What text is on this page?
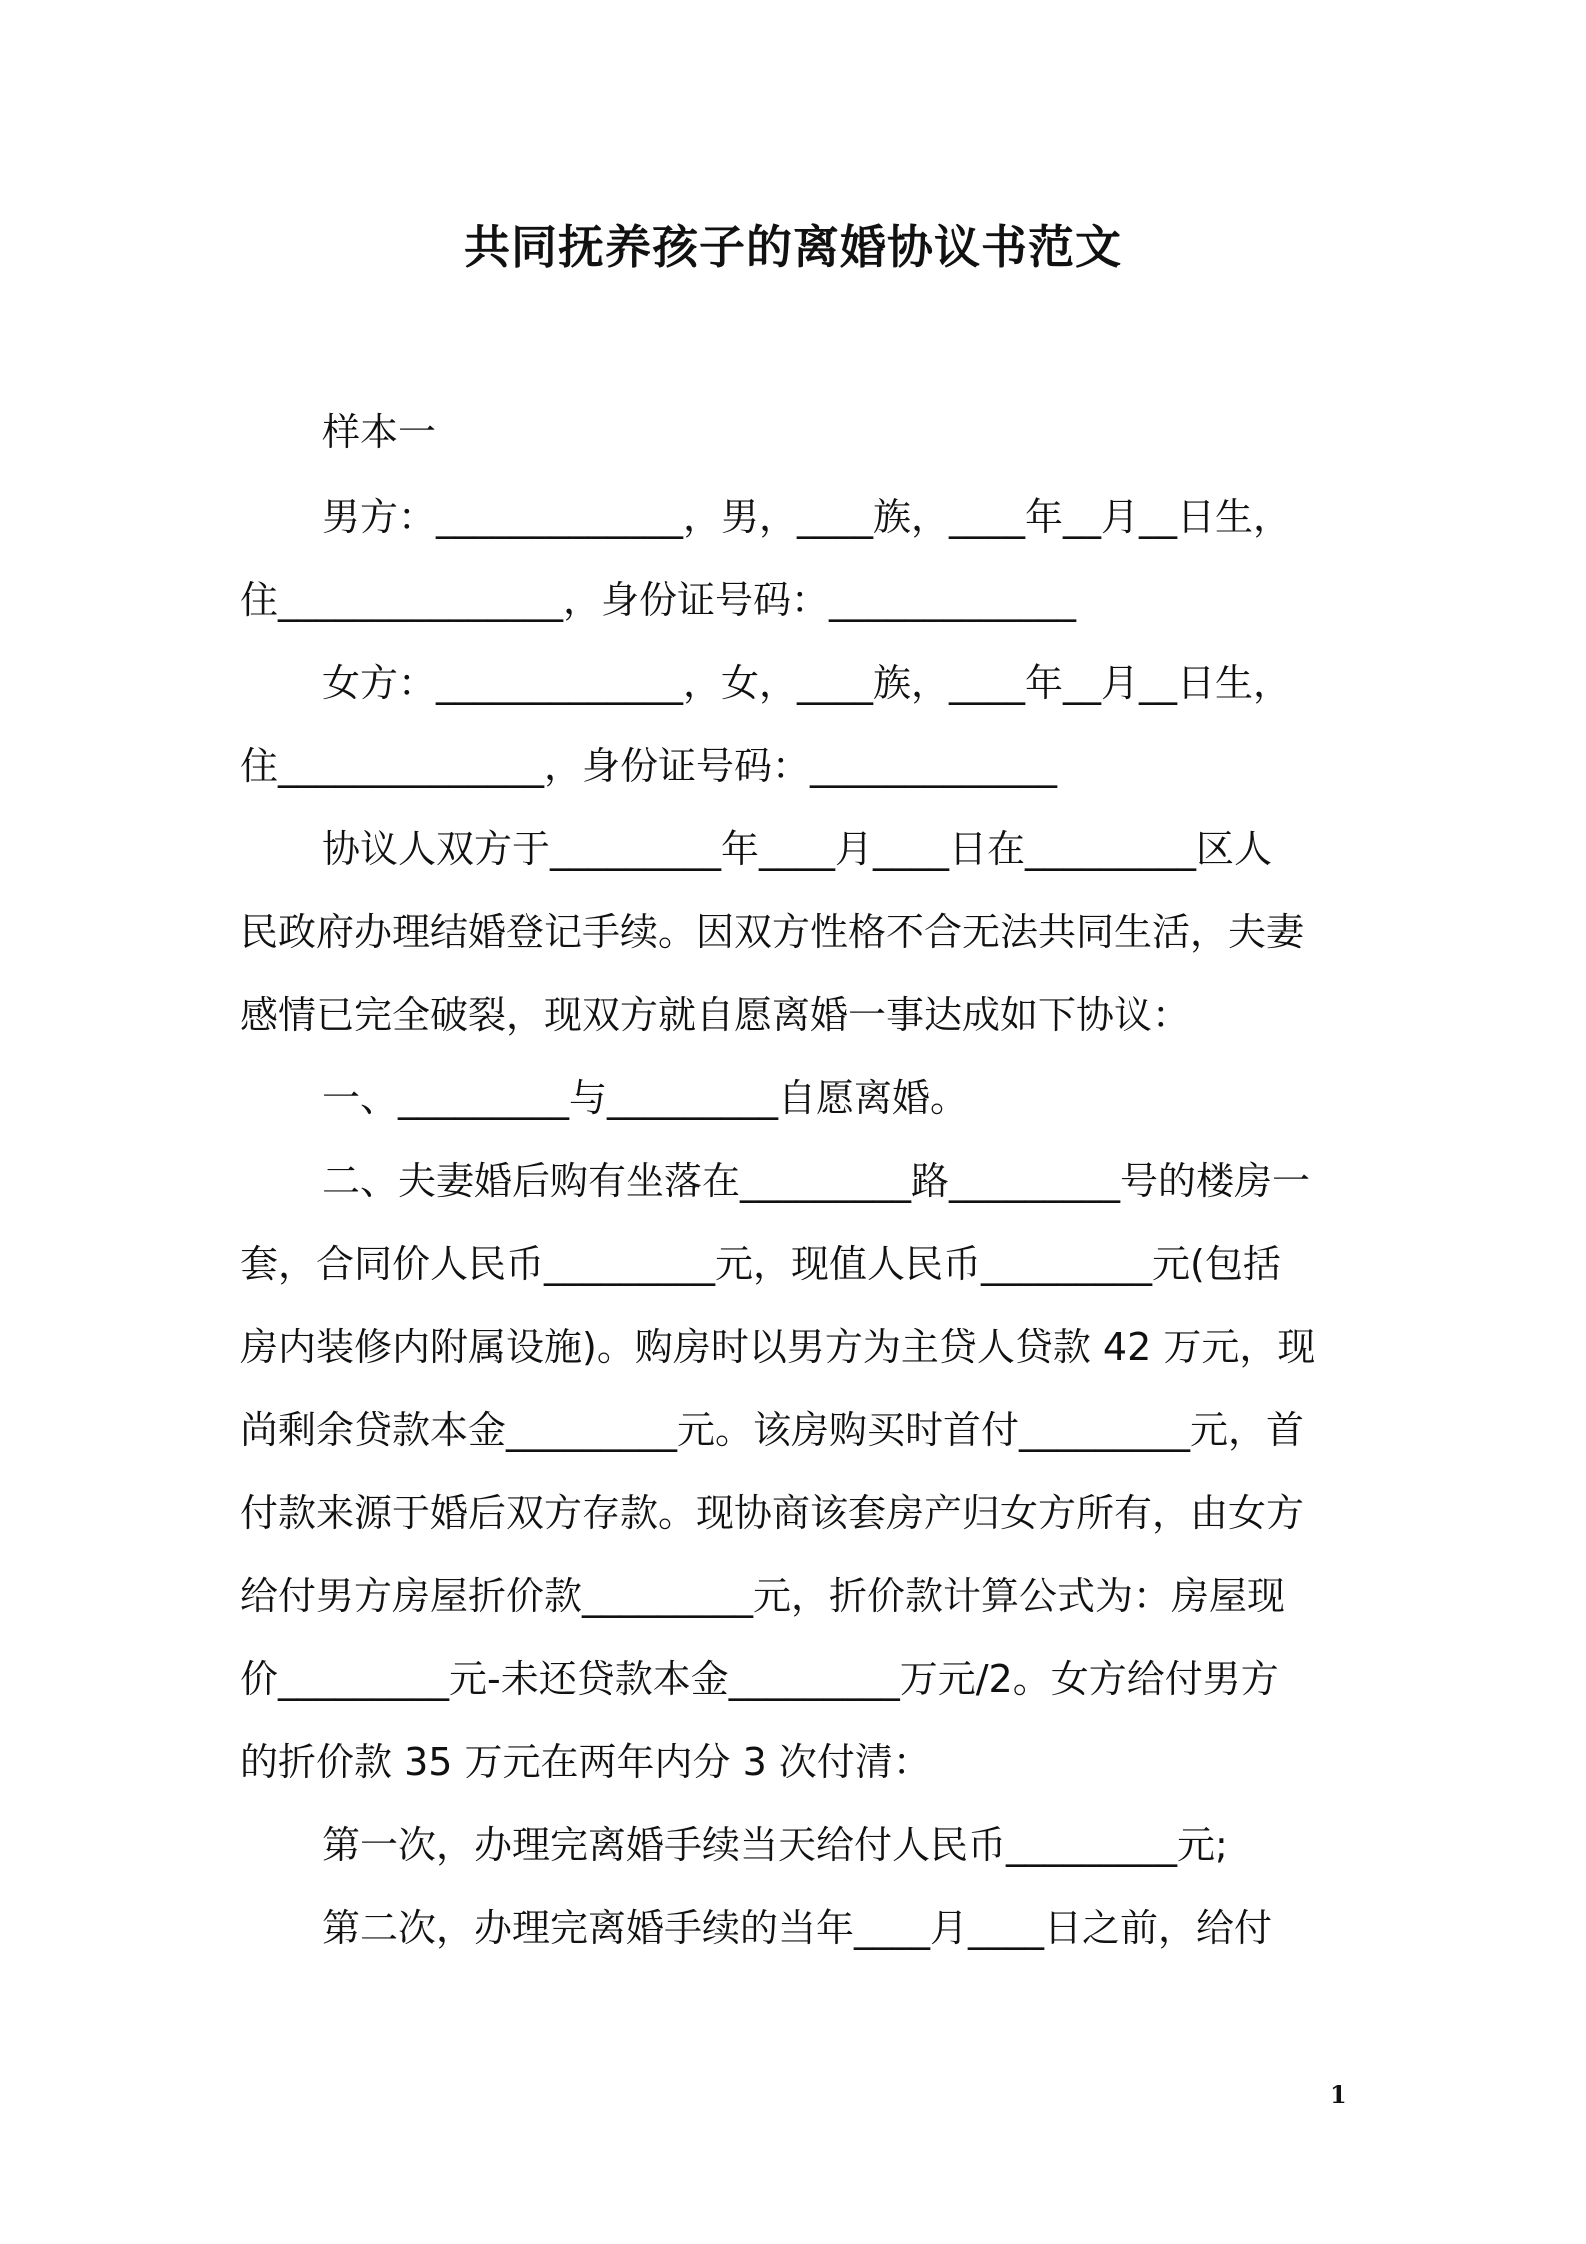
共同抚养孩子的离婚协议书范文
样本一
男方：_____________，男，____族，____年__月__日生，
住_______________，身份证号码：_____________
女方：_____________，女，____族，____年__月__日生，
住______________，身份证号码：_____________
协议人双方于_________年____月____日在_________区人
民政府办理结婚登记手续。因双方性格不合无法共同生活，夫妻
感情已完全破裂，现双方就自愿离婚一事达成如下协议：
一、_________与_________自愿离婚。
二、夫妻婚后购有坐落在_________路_________号的楼房一
套，合同价人民币_________元，现值人民币_________元(包括
房内装修内附属设施)。购房时以男方为主贷人贷款 42 万元，现
尚剩余贷款本金_________元。该房购买时首付_________元，首
付款来源于婚后双方存款。现协商该套房产归女方所有，由女方
给付男方房屋折价款_________元，折价款计算公式为：房屋现
价_________元-未还贷款本金_________万元/2。女方给付男方
的折价款 35 万元在两年内分 3 次付清：
第一次，办理完离婚手续当天给付人民币_________元;
第二次，办理完离婚手续的当年____月____日之前，给付
1
